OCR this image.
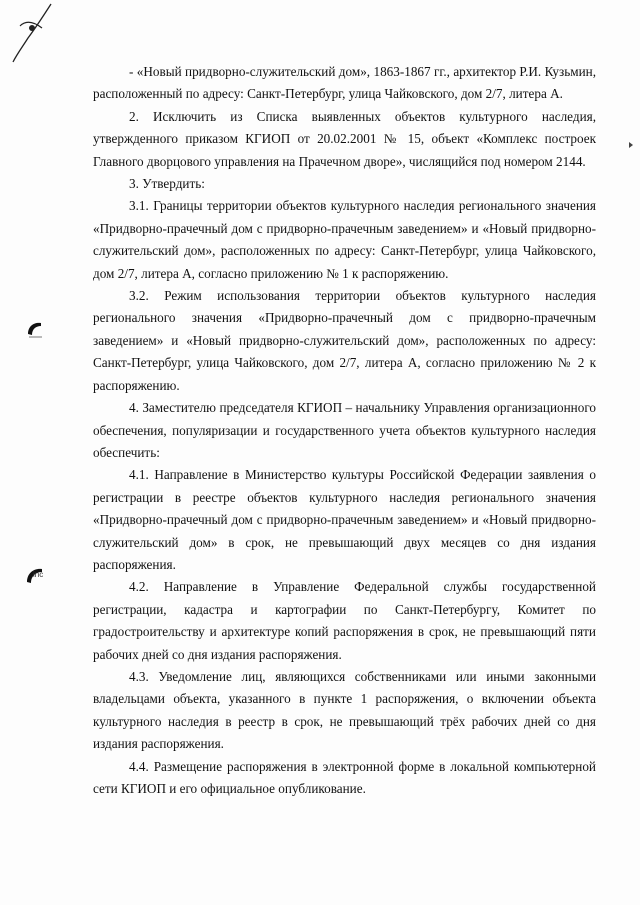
inc

- «Новый придворно-служительский дом», 1863-1867 гг., архитектор Р.И. Кузьмин, расположенный по адресу: Санкт-Петербург, улица Чайковского, дом 2/7, литера А.

2. Исключить из Списка выявленных объектов культурного наследия, утвержденного приказом КГИОП от 20.02.2001 № 15, объект «Комплекс построек Главного дворцового управления на Прачечном дворе», числящийся под номером 2144.

3. Утвердить:

3.1. Границы территории объектов культурного наследия регионального значения «Придворно-прачечный дом с придворно-прачечным заведением» и «Новый придворно-служительский дом», расположенных по адресу: Санкт-Петербург, улица Чайковского, дом 2/7, литера А, согласно приложению № 1 к распоряжению.

3.2. Режим использования территории объектов культурного наследия регионального значения «Придворно-прачечный дом с придворно-прачечным заведением» и «Новый придворно-служительский дом», расположенных по адресу: Санкт-Петербург, улица Чайковского, дом 2/7, литера А, согласно приложению № 2 к распоряжению.

4. Заместителю председателя КГИОП – начальнику Управления организационного обеспечения, популяризации и государственного учета объектов культурного наследия обеспечить:

4.1. Направление в Министерство культуры Российской Федерации заявления о регистрации в реестре объектов культурного наследия регионального значения «Придворно-прачечный дом с придворно-прачечным заведением» и «Новый придворно-служительский дом» в срок, не превышающий двух месяцев со дня издания распоряжения.

4.2. Направление в Управление Федеральной службы государственной регистрации, кадастра и картографии по Санкт-Петербургу, Комитет по градостроительству и архитектуре копий распоряжения в срок, не превышающий пяти рабочих дней со дня издания распоряжения.

4.3. Уведомление лиц, являющихся собственниками или иными законными владельцами объекта, указанного в пункте 1 распоряжения, о включении объекта культурного наследия в реестр в срок, не превышающий трёх рабочих дней со дня издания распоряжения.

4.4. Размещение распоряжения в электронной форме в локальной компьютерной сети КГИОП и его официальное опубликование.
